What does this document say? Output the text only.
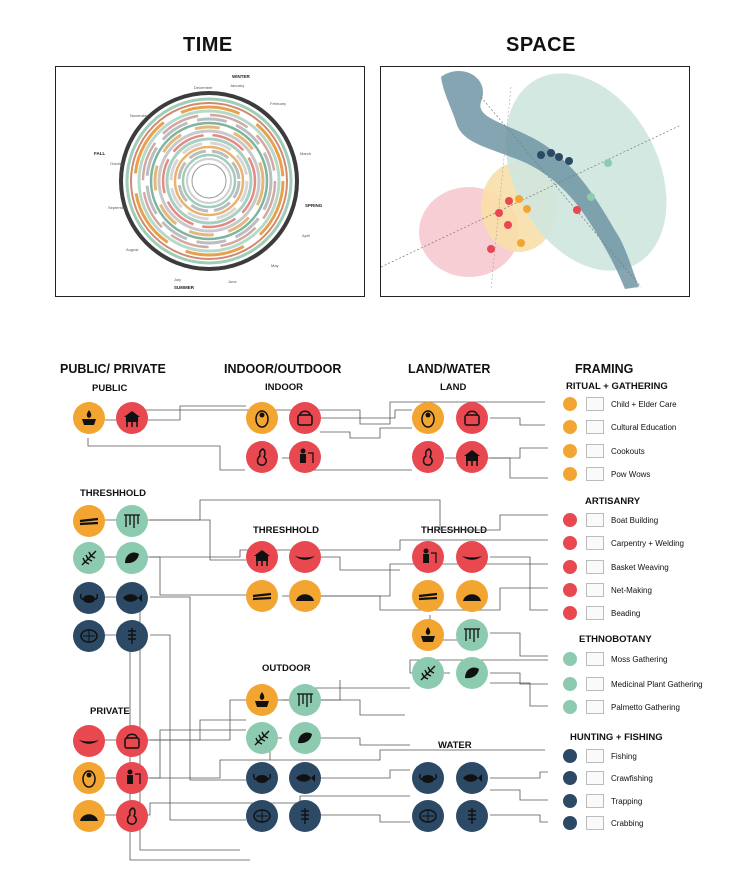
TIME	SPACE
WINTER
SUMMER
SPRING
FALL
December	January
February
March
April
May
June
July
August
September
October
November
PUBLIC/ PRIVATE	INDOOR/OUTDOOR	LAND/WATER	FRAMING
PUBLIC	INDOOR	LAND
THRESHHOLD
THRESHHOLD	THRESHHOLD
OUTDOOR
PRIVATE
WATER
RITUAL + GATHERING
Child + Elder Care
Cultural Education
Cookouts
Pow Wows
ARTISANRY
Boat Building
Carpentry + Welding
Basket Weaving
Net-Making
Beading
ETHNOBOTANY
Moss Gathering
Medicinal Plant Gathering
Palmetto Gathering
HUNTING + FISHING
Fishing
Crawfishing
Trapping
Crabbing
